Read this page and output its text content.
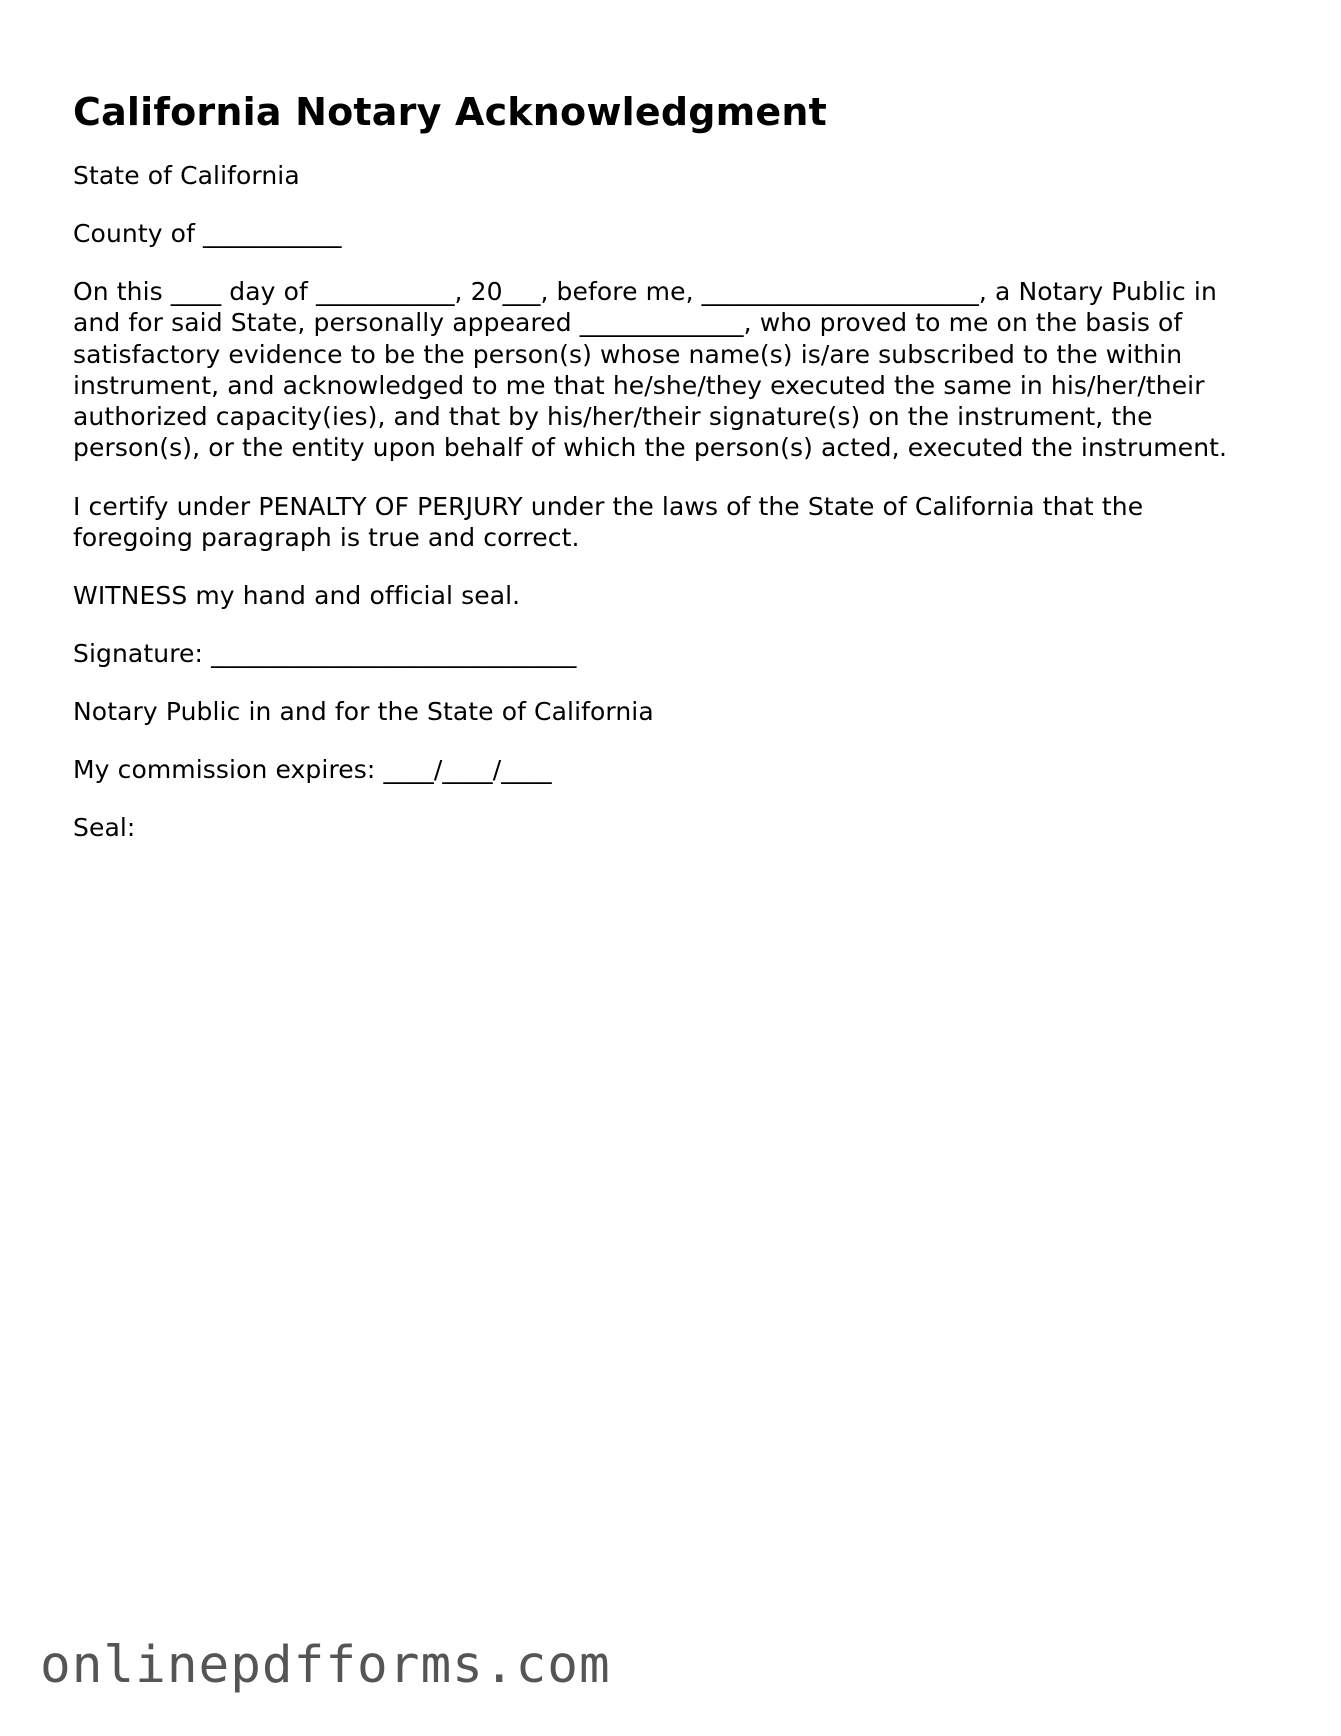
California Notary Acknowledgment

State of California

County of ___________

On this ____ day of ___________, 20___, before me, ______________________, a Notary Public in and for said State, personally appeared _____________, who proved to me on the basis of satisfactory evidence to be the person(s) whose name(s) is/are subscribed to the within instrument, and acknowledged to me that he/she/they executed the same in his/her/their authorized capacity(ies), and that by his/her/their signature(s) on the instrument, the person(s), or the entity upon behalf of which the person(s) acted, executed the instrument.

I certify under PENALTY OF PERJURY under the laws of the State of California that the foregoing paragraph is true and correct.

WITNESS my hand and official seal.

Signature: _____________________________

Notary Public in and for the State of California

My commission expires: ____/____/____

Seal:

onlinepdfforms.com
